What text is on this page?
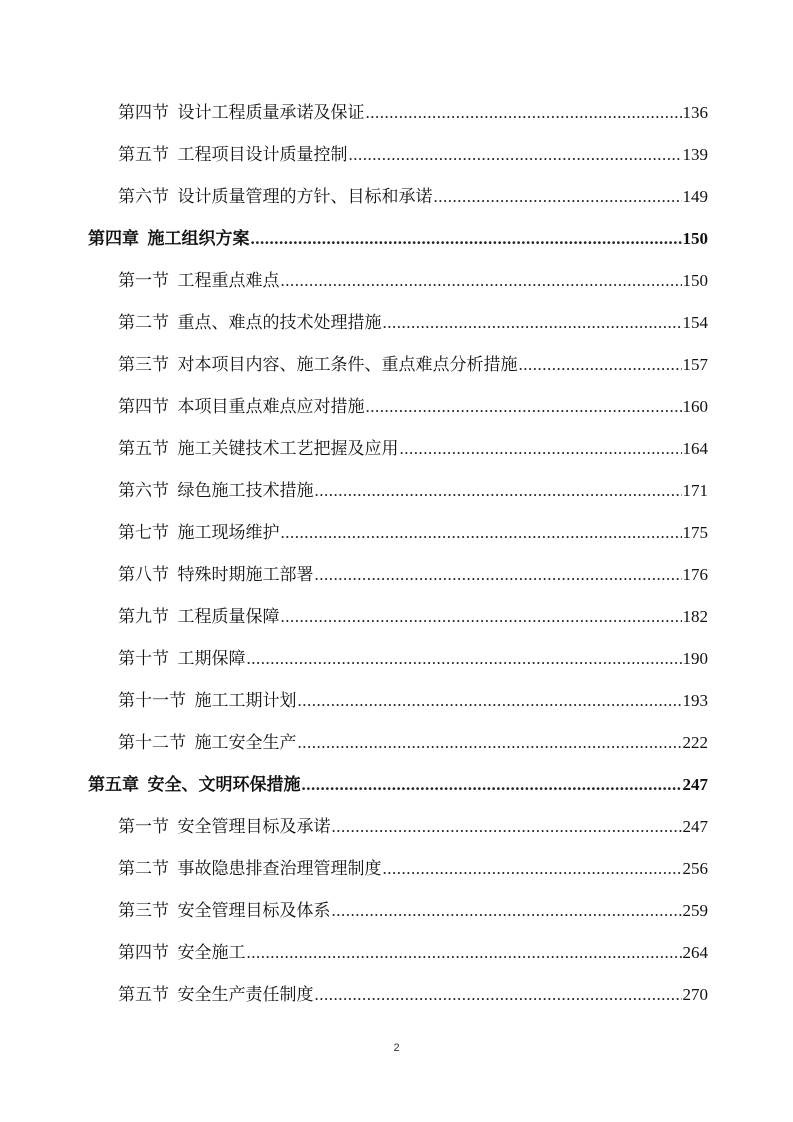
第四节 设计工程质量承诺及保证 .....	136
第五节 工程项目设计质量控制 .....	139
第六节 设计质量管理的方针、目标和承诺 .....	149
第四章 施工组织方案 .....	150
第一节 工程重点难点 .....	150
第二节 重点、难点的技术处理措施 .....	154
第三节 对本项目内容、施工条件、重点难点分析措施 .....	157
第四节 本项目重点难点应对措施 .....	160
第五节 施工关键技术工艺把握及应用 .....	164
第六节 绿色施工技术措施 .....	171
第七节 施工现场维护 .....	175
第八节 特殊时期施工部署 .....	176
第九节 工程质量保障 .....	182
第十节 工期保障 .....	190
第十一节 施工工期计划 .....	193
第十二节 施工安全生产 .....	222
第五章 安全、文明环保措施 .....	247
第一节 安全管理目标及承诺 .....	247
第二节 事故隐患排查治理管理制度 .....	256
第三节 安全管理目标及体系 .....	259
第四节 安全施工 .....	264
第五节 安全生产责任制度 .....	270
2
